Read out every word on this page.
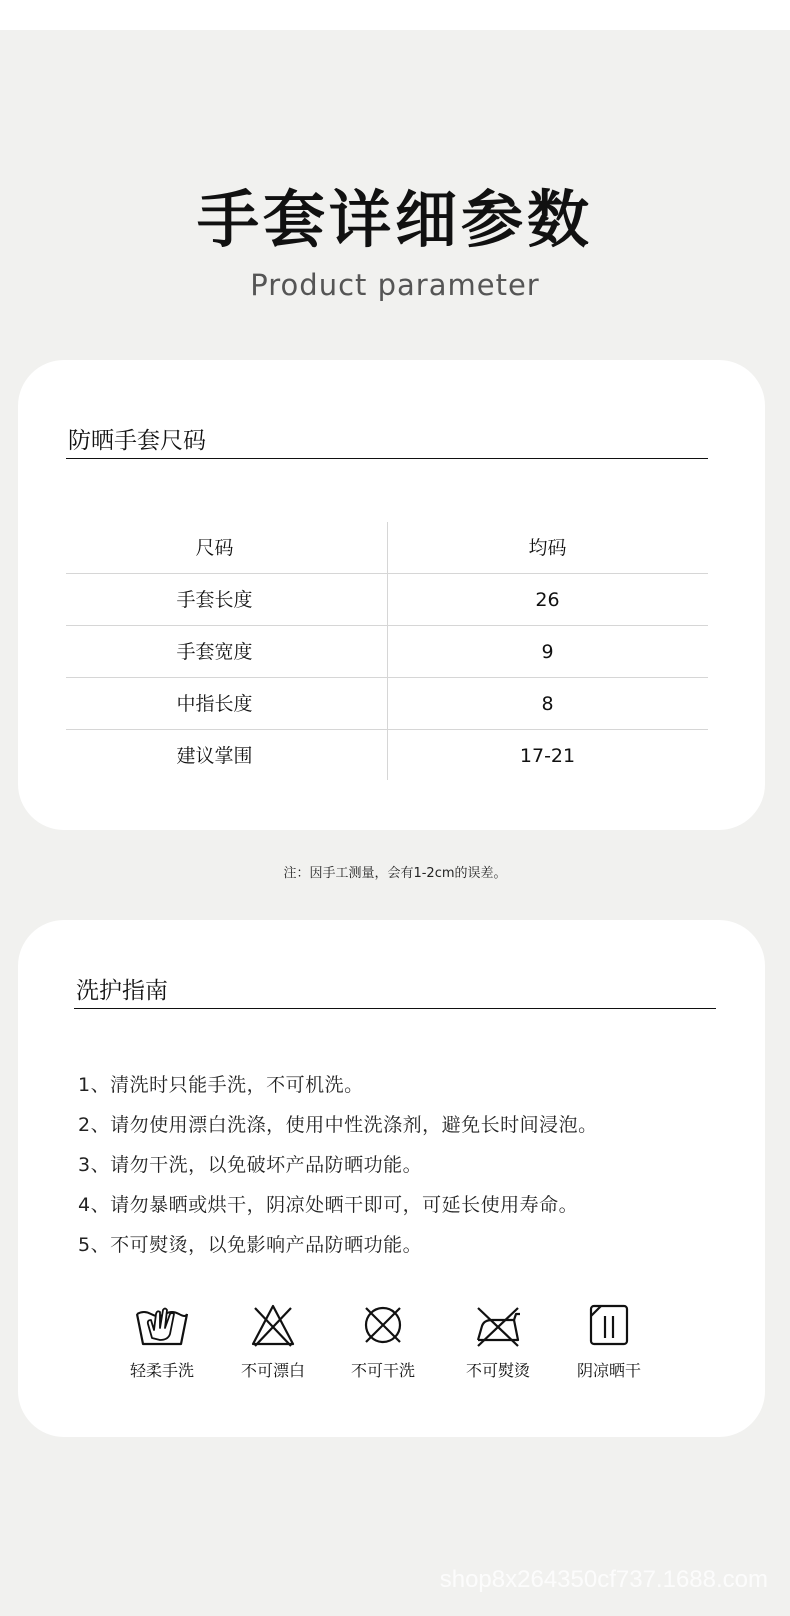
手套详细参数
Product parameter
防晒手套尺码
尺码	均码
手套长度	26
手套宽度	9
中指长度	8
建议掌围	17-21
注：因手工测量，会有1-2cm的误差。
洗护指南
1、清洗时只能手洗，不可机洗。
2、请勿使用漂白洗涤，使用中性洗涤剂，避免长时间浸泡。
3、请勿干洗，以免破坏产品防晒功能。
4、请勿暴晒或烘干，阴凉处晒干即可，可延长使用寿命。
5、不可熨烫，以免影响产品防晒功能。
轻柔手洗	不可漂白	不可干洗	不可熨烫	阴凉晒干
shop8x264350cf737.1688.com
